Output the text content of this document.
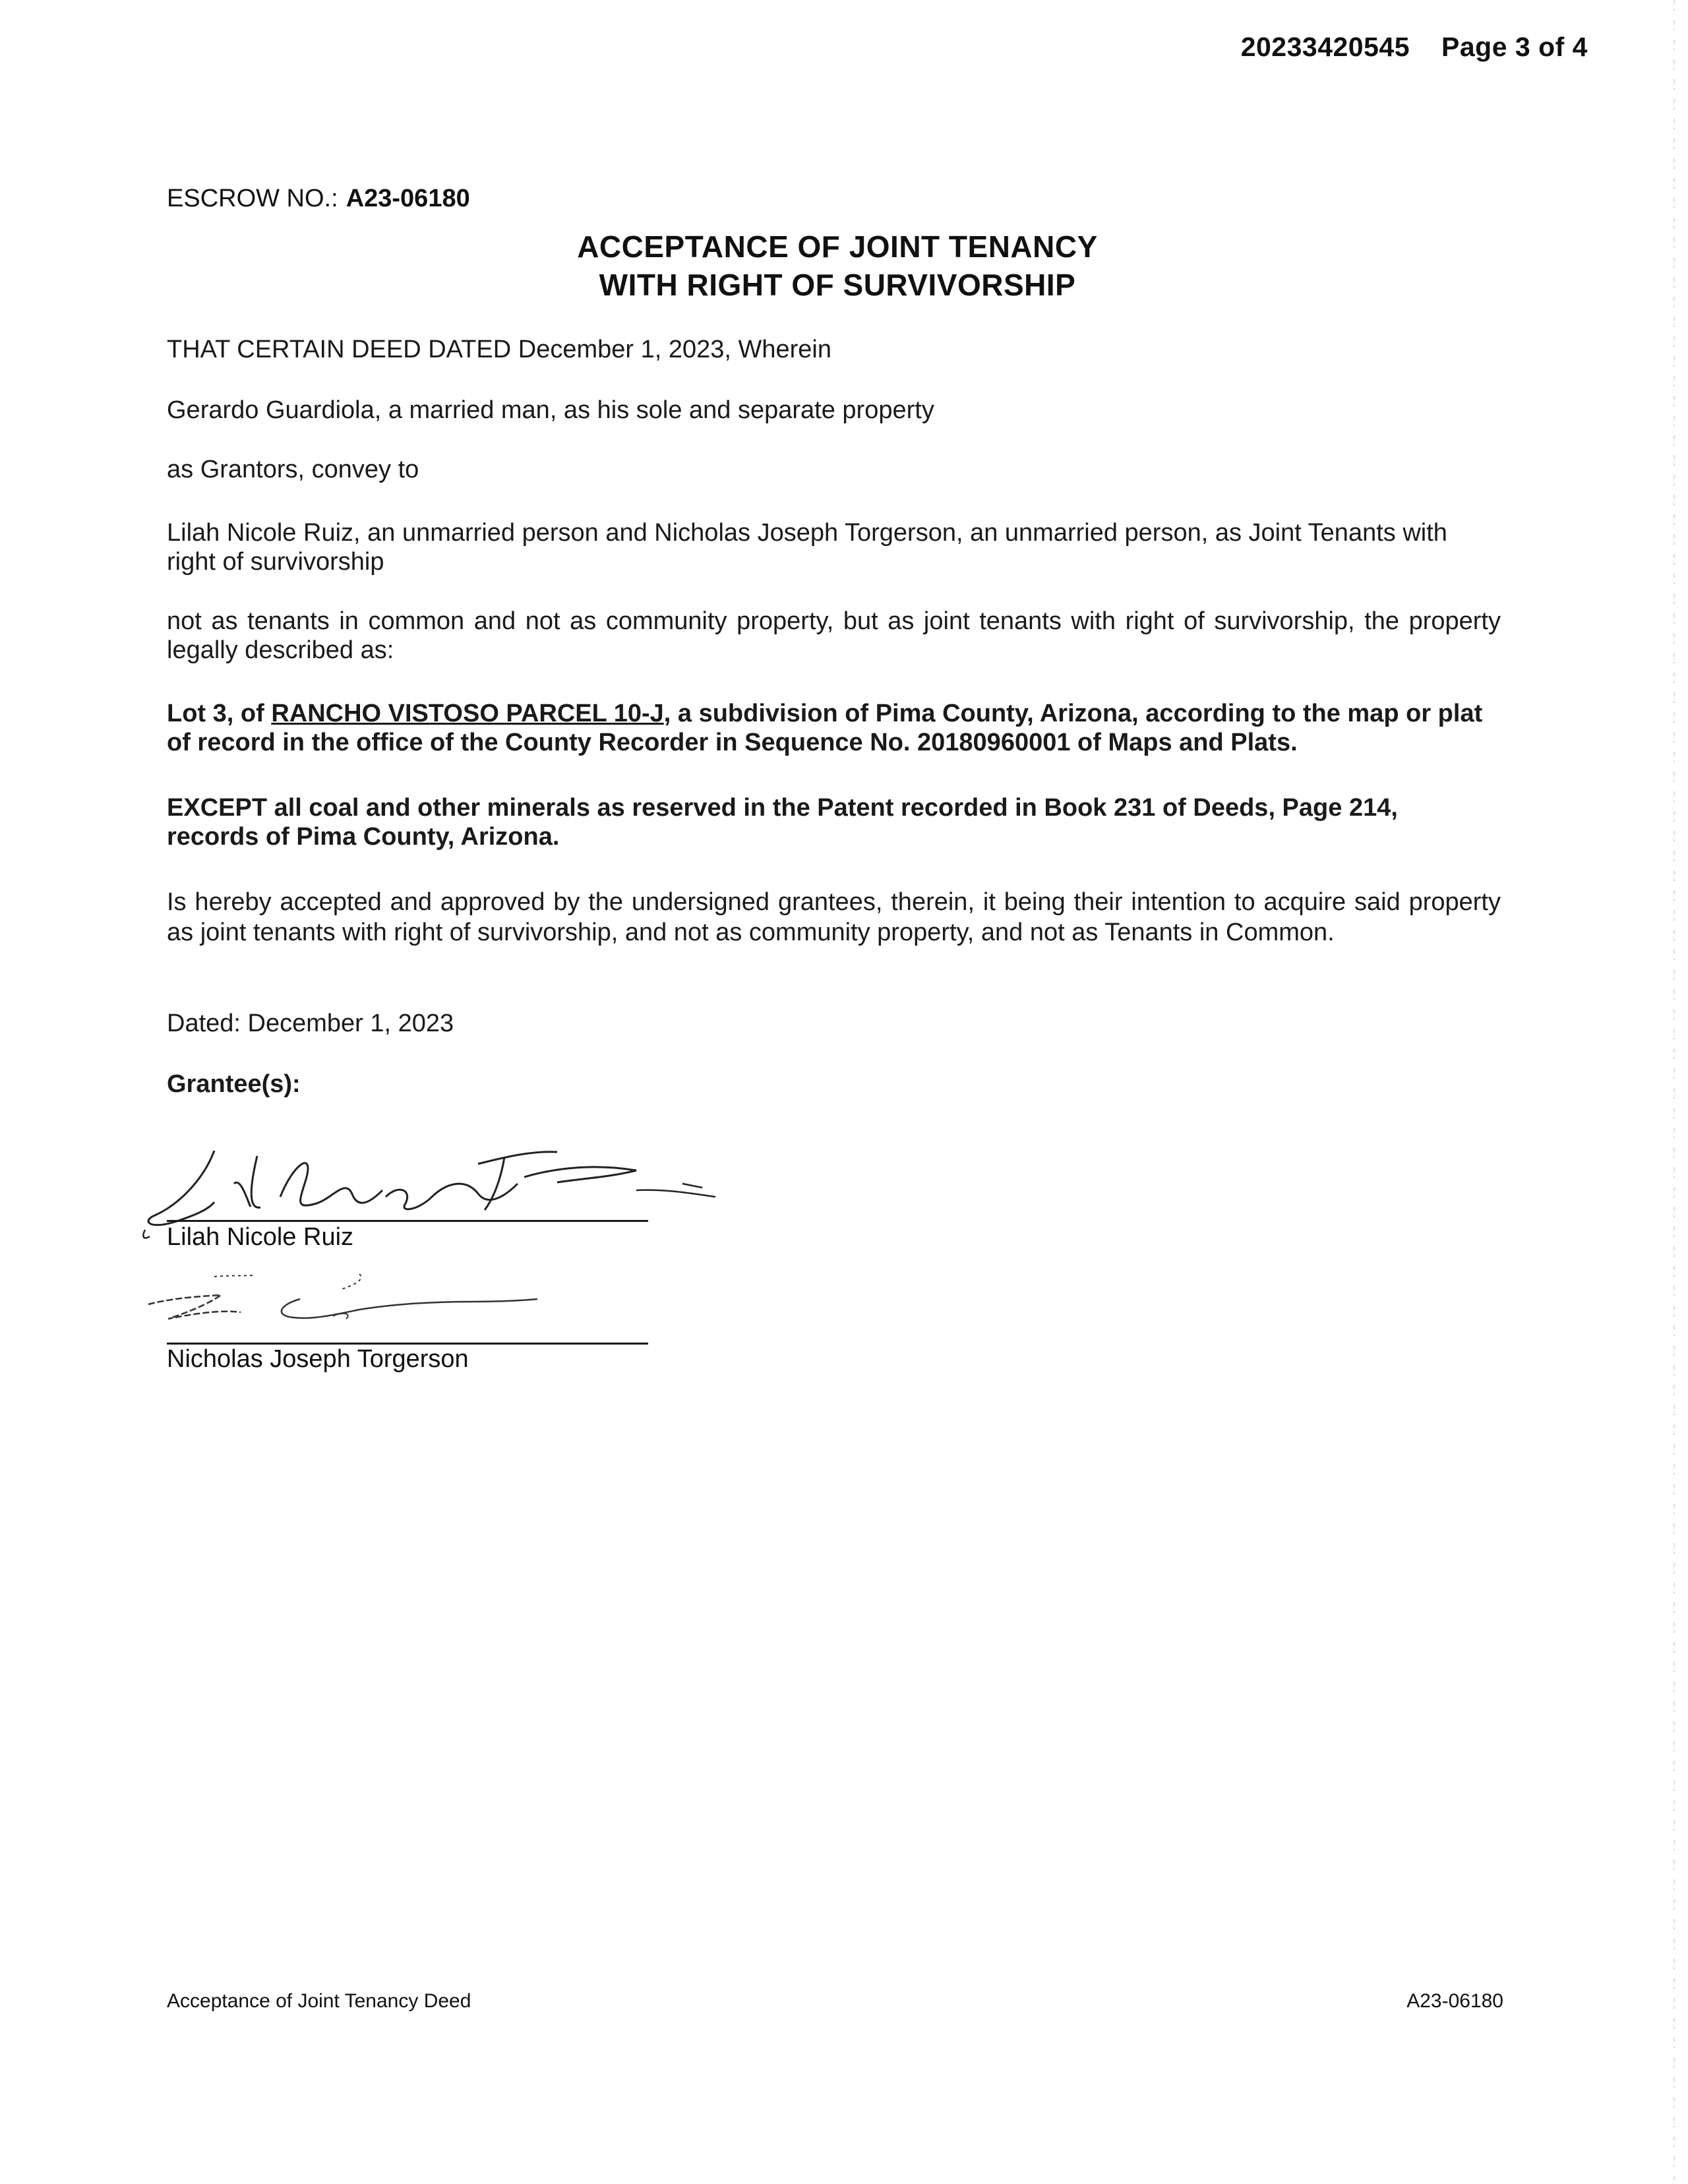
20233420545 Page 3 of 4
ESCROW NO.: A23-06180
ACCEPTANCE OF JOINT TENANCY
WITH RIGHT OF SURVIVORSHIP
THAT CERTAIN DEED DATED December 1, 2023, Wherein
Gerardo Guardiola, a married man, as his sole and separate property
as Grantors, convey to
Lilah Nicole Ruiz, an unmarried person and Nicholas Joseph Torgerson, an unmarried person, as Joint Tenants with right of survivorship
not as tenants in common and not as community property, but as joint tenants with right of survivorship, the property legally described as:
Lot 3, of RANCHO VISTOSO PARCEL 10-J, a subdivision of Pima County, Arizona, according to the map or plat of record in the office of the County Recorder in Sequence No. 20180960001 of Maps and Plats.
EXCEPT all coal and other minerals as reserved in the Patent recorded in Book 231 of Deeds, Page 214, records of Pima County, Arizona.
Is hereby accepted and approved by the undersigned grantees, therein, it being their intention to acquire said property as joint tenants with right of survivorship, and not as community property, and not as Tenants in Common.
Dated: December 1, 2023
Grantee(s):
Lilah Nicole Ruiz
Nicholas Joseph Torgerson
Acceptance of Joint Tenancy Deed	A23-06180
